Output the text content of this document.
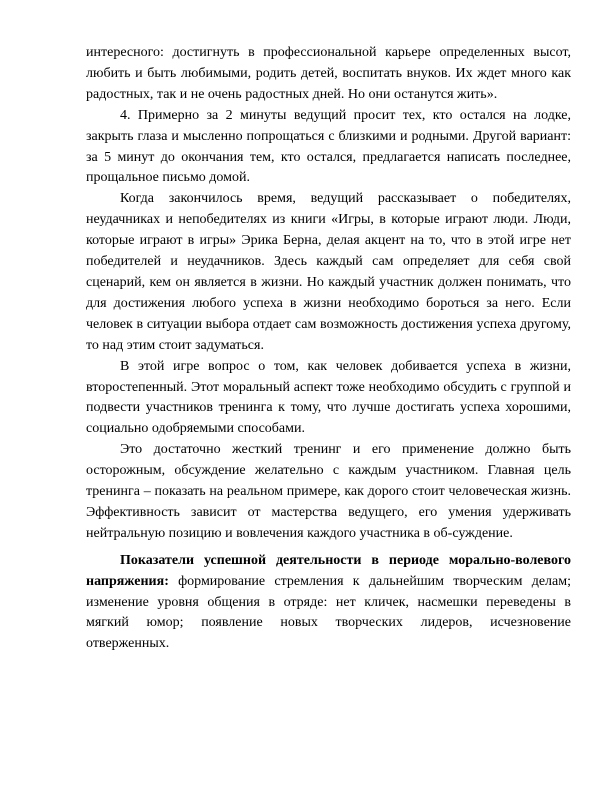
интересного: достигнуть в профессиональной карьере определенных высот, любить и быть любимыми, родить детей, воспитать внуков. Их ждет много как радостных, так и не очень радостных дней. Но они останутся жить».

4. Примерно за 2 минуты ведущий просит тех, кто остался на лодке, закрыть глаза и мысленно попрощаться с близкими и родными. Другой вариант: за 5 минут до окончания тем, кто остался, предлагается написать последнее, прощальное письмо домой.

Когда закончилось время, ведущий рассказывает о победителях, неудачниках и непобедителях из книги «Игры, в которые играют люди. Люди, которые играют в игры» Эрика Берна, делая акцент на то, что в этой игре нет победителей и неудачников. Здесь каждый сам определяет для себя свой сценарий, кем он является в жизни. Но каждый участник должен понимать, что для достижения любого успеха в жизни необходимо бороться за него. Если человек в ситуации выбора отдает сам возможность достижения успеха другому, то над этим стоит задуматься.

В этой игре вопрос о том, как человек добивается успеха в жизни, второстепенный. Этот моральный аспект тоже необходимо обсудить с группой и подвести участников тренинга к тому, что лучше достигать успеха хорошими, социально одобряемыми способами.

Это достаточно жесткий тренинг и его применение должно быть осторожным, обсуждение желательно с каждым участником. Главная цель тренинга – показать на реальном примере, как дорого стоит человеческая жизнь. Эффективность зависит от мастерства ведущего, его умения удерживать нейтральную позицию и вовлечения каждого участника в об-суждение.

Показатели успешной деятельности в периоде морально-волевого напряжения: формирование стремления к дальнейшим творческим делам; изменение уровня общения в отряде: нет кличек, насмешки переведены в мягкий юмор; появление новых творческих лидеров, исчезновение отверженных.
